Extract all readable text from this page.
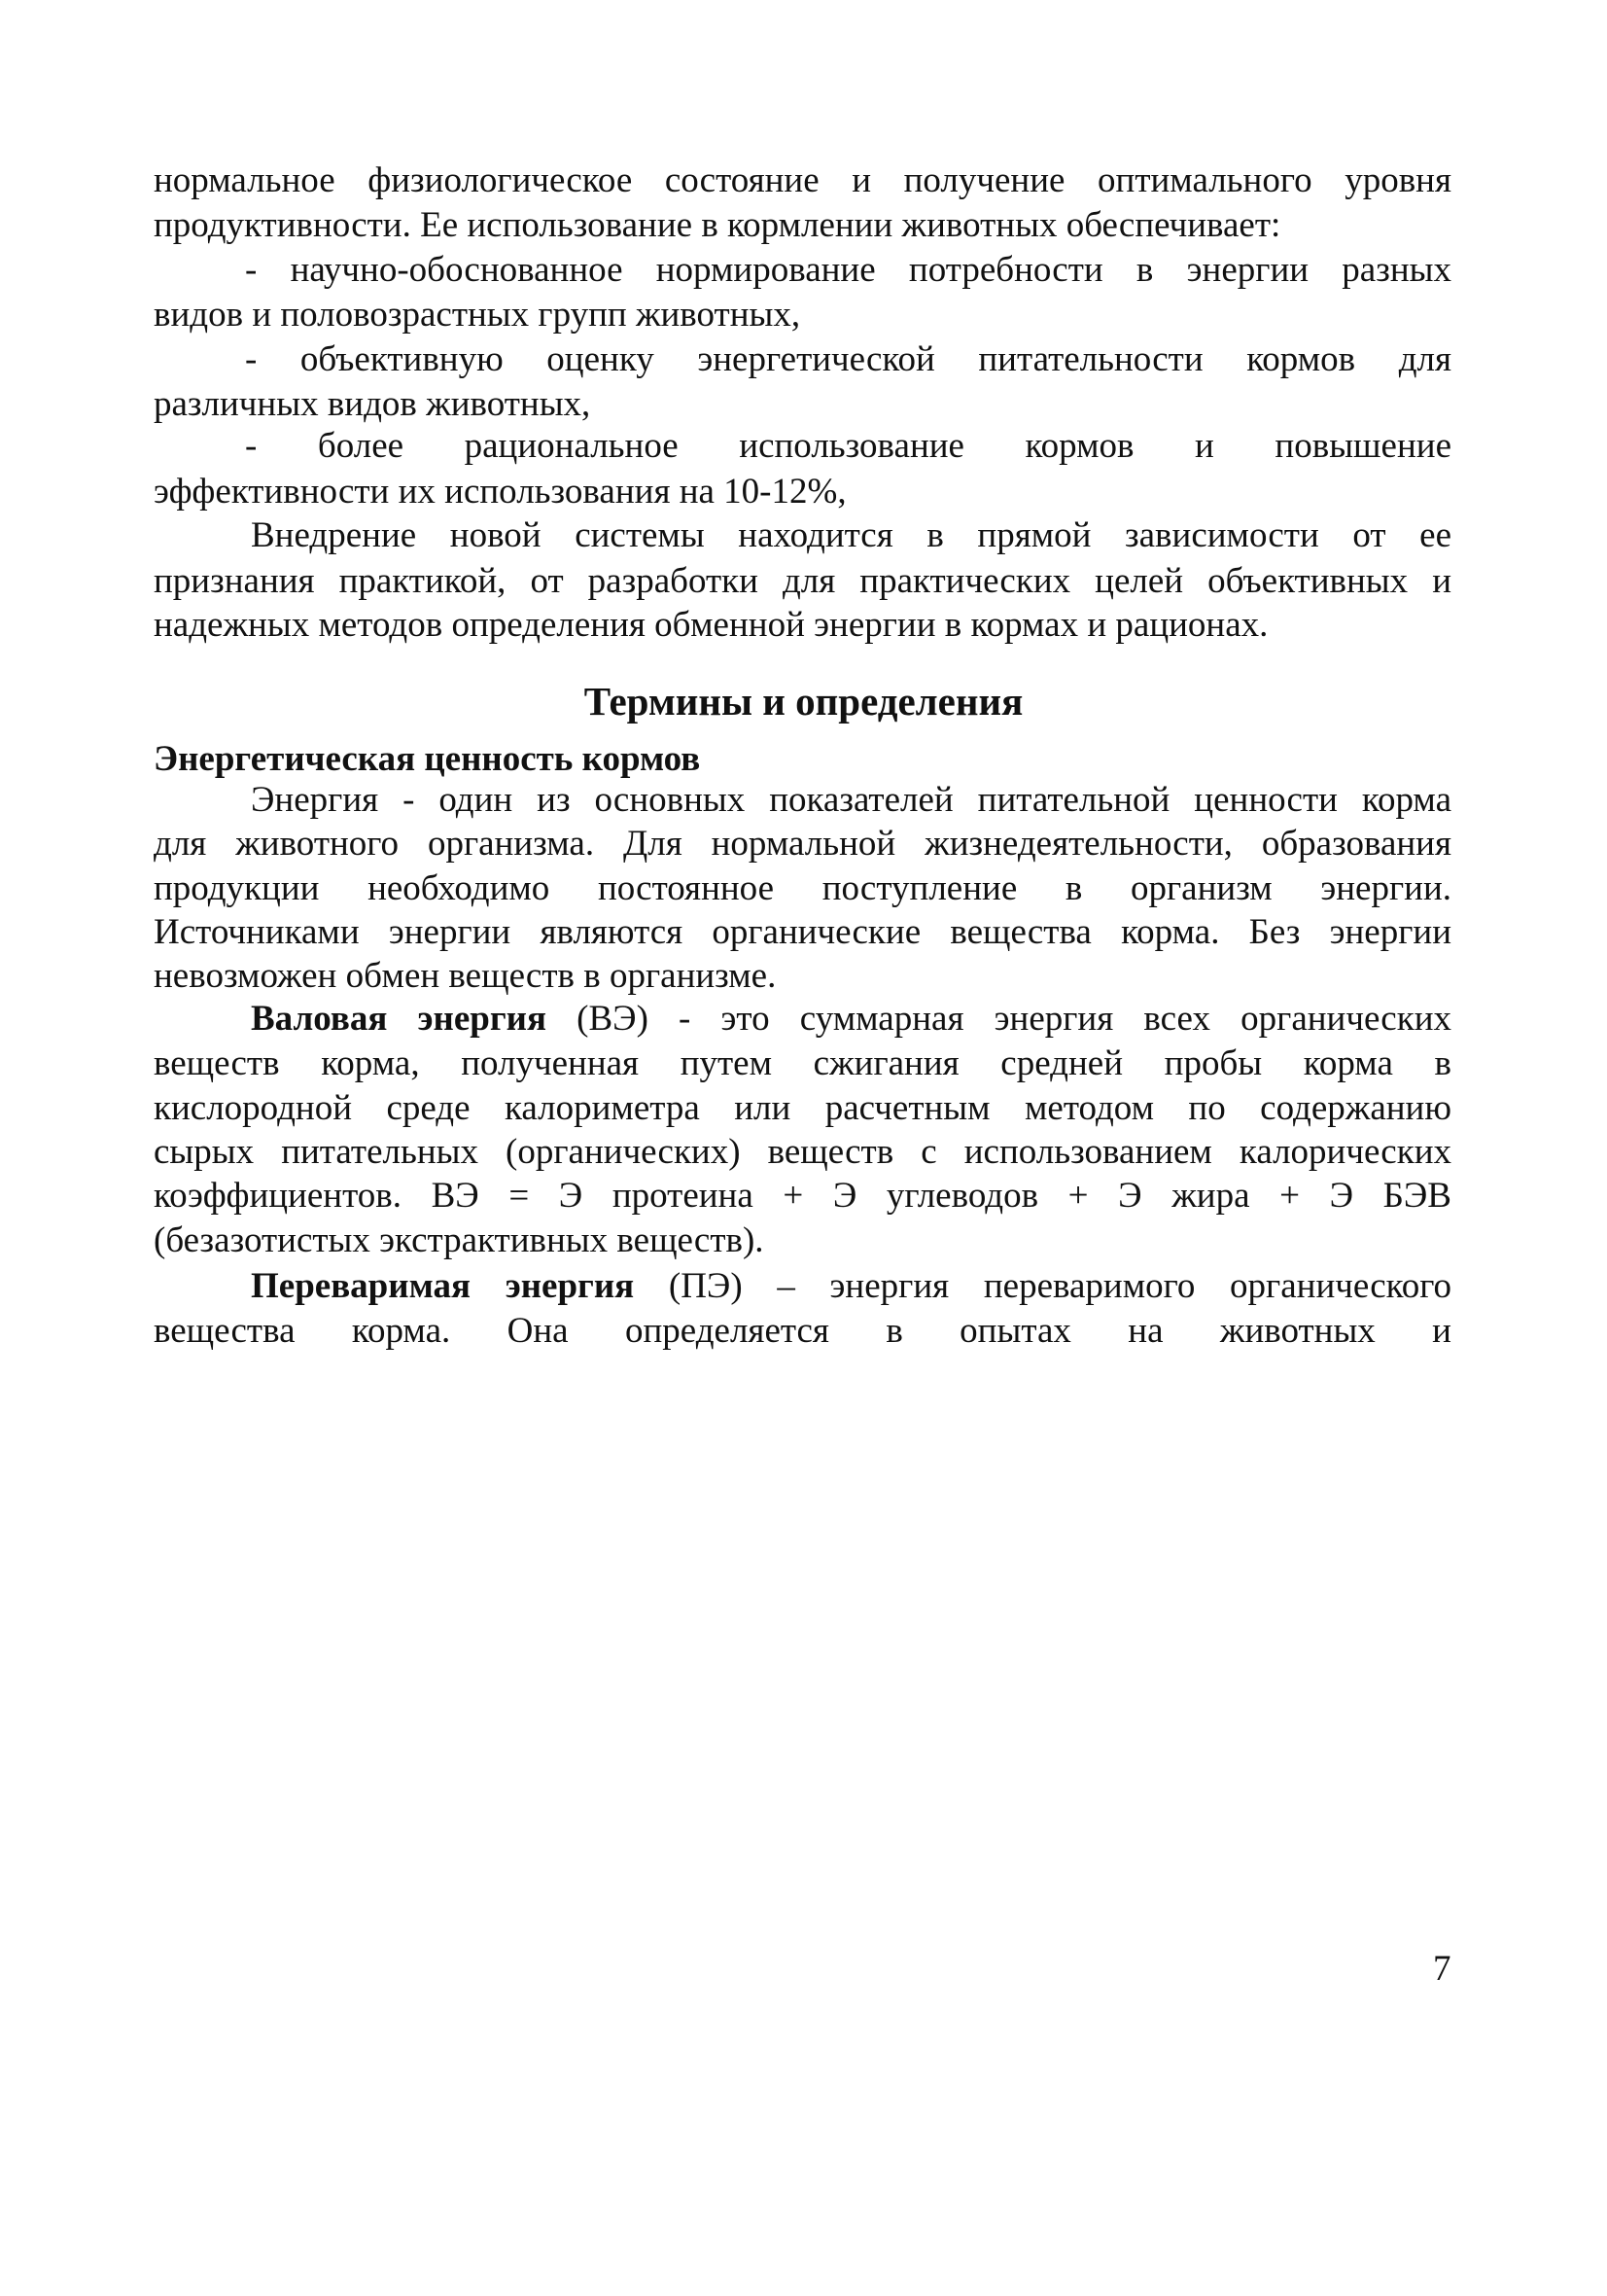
нормальное физиологическое состояние и получение оптимального уровня
продуктивности. Ее использование в кормлении животных обеспечивает:
- научно-обоснованное нормирование потребности в энергии разных
видов и половозрастных групп животных,
- объективную оценку энергетической питательности кормов для
различных видов животных,
- более рациональное использование кормов и повышение
эффективности их использования на 10-12%,
Внедрение новой системы находится в прямой зависимости от ее
признания практикой, от разработки для практических целей объективных и
надежных методов определения обменной энергии в кормах и рационах.
Термины и определения
Энергетическая ценность кормов
Энергия - один из основных показателей питательной ценности корма
для животного организма. Для нормальной жизнедеятельности, образования
продукции необходимо постоянное поступление в организм энергии.
Источниками энергии являются органические вещества корма. Без энергии
невозможен обмен веществ в организме.
Валовая энергия (ВЭ) - это суммарная энергия всех органических
веществ корма, полученная путем сжигания средней пробы корма в
кислородной среде калориметра или расчетным методом по содержанию
сырых питательных (органических) веществ с использованием калорических
коэффициентов. ВЭ = Э протеина + Э углеводов + Э жира + Э БЭВ
(безазотистых экстрактивных веществ).
Переваримая энергия (ПЭ) – энергия переваримого органического
вещества корма. Она определяется в опытах на животных и
7
